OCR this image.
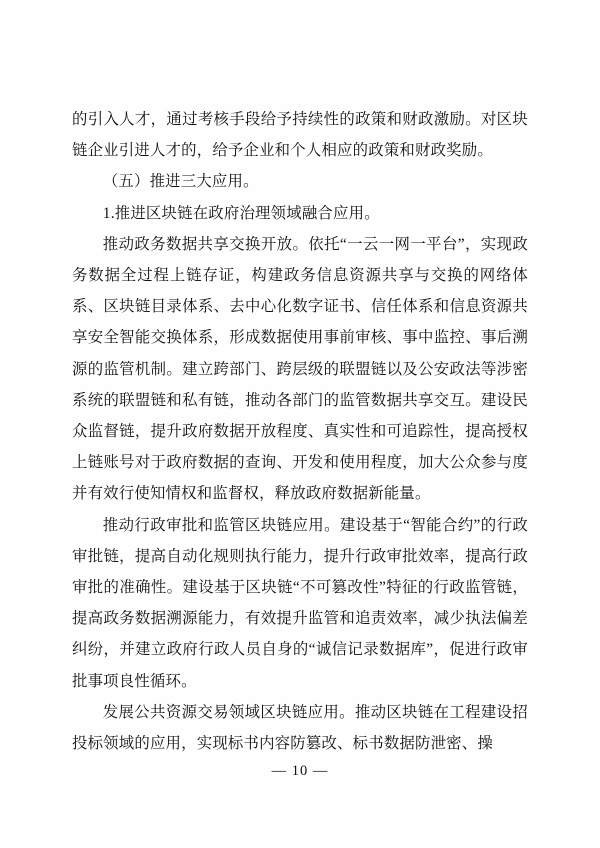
的引入人才，通过考核手段给予持续性的政策和财政激励。对区块链企业引进人才的，给予企业和个人相应的政策和财政奖励。

（五）推进三大应用。

1.推进区块链在政府治理领域融合应用。

推动政务数据共享交换开放。依托“一云一网一平台”，实现政务数据全过程上链存证，构建政务信息资源共享与交换的网络体系、区块链目录体系、去中心化数字证书、信任体系和信息资源共享安全智能交换体系，形成数据使用事前审核、事中监控、事后溯源的监管机制。建立跨部门、跨层级的联盟链以及公安政法等涉密系统的联盟链和私有链，推动各部门的监管数据共享交互。建设民众监督链，提升政府数据开放程度、真实性和可追踪性，提高授权上链账号对于政府数据的查询、开发和使用程度，加大公众参与度并有效行使知情权和监督权，释放政府数据新能量。

推动行政审批和监管区块链应用。建设基于“智能合约”的行政审批链，提高自动化规则执行能力，提升行政审批效率，提高行政审批的准确性。建设基于区块链“不可篡改性”特征的行政监管链，提高政务数据溯源能力，有效提升监管和追责效率，减少执法偏差纠纷，并建立政府行政人员自身的“诚信记录数据库”，促进行政审批事项良性循环。

发展公共资源交易领域区块链应用。推动区块链在工程建设招投标领域的应用，实现标书内容防篡改、标书数据防泄密、操

— 10 —
